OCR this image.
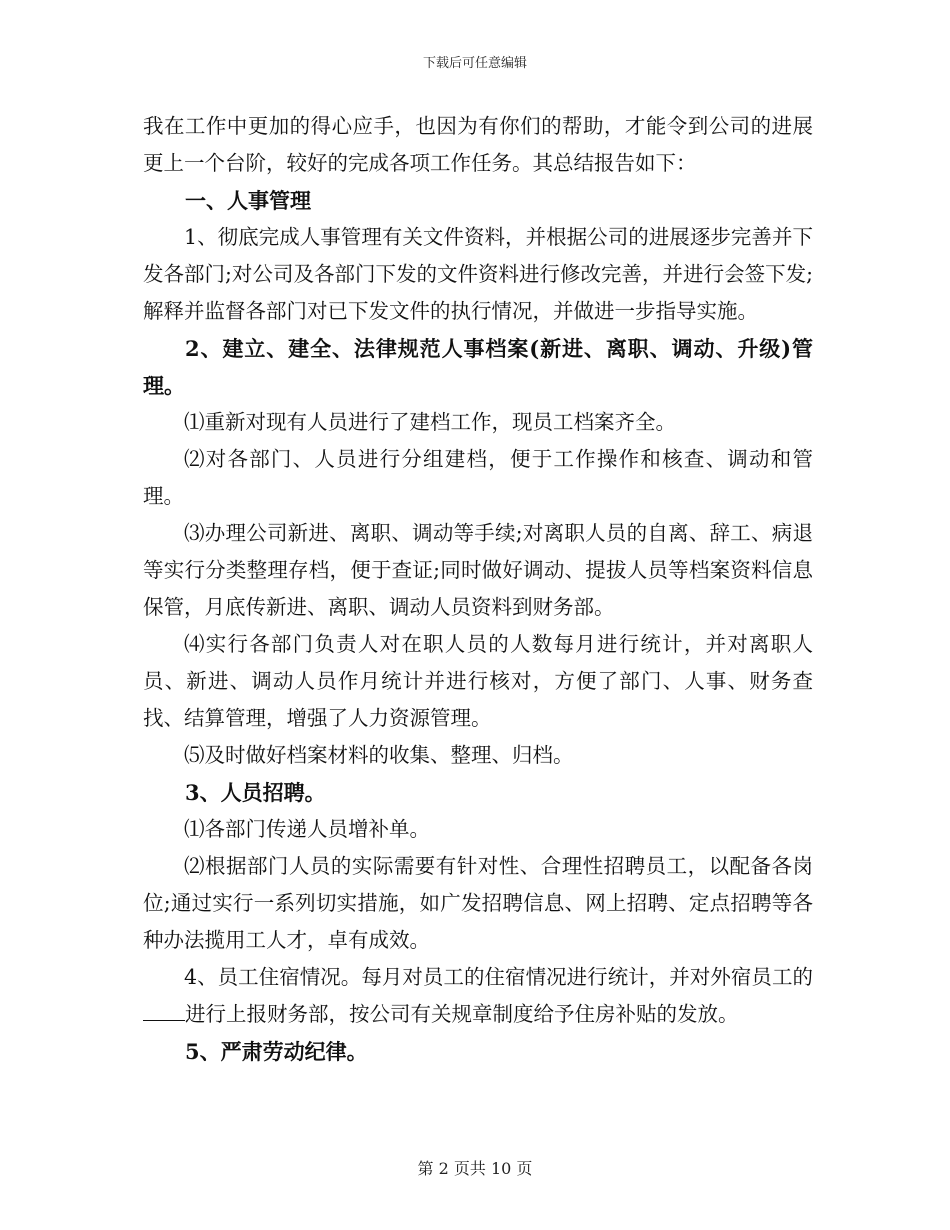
下载后可任意编辑

我在工作中更加的得心应手，也因为有你们的帮助，才能令到公司的进展更上一个台阶，较好的完成各项工作任务。其总结报告如下：

一、人事管理

1、彻底完成人事管理有关文件资料，并根据公司的进展逐步完善并下发各部门;对公司及各部门下发的文件资料进行修改完善，并进行会签下发;解释并监督各部门对已下发文件的执行情况，并做进一步指导实施。

2、建立、建全、法律规范人事档案(新进、离职、调动、升级)管理。

⑴重新对现有人员进行了建档工作，现员工档案齐全。

⑵对各部门、人员进行分组建档，便于工作操作和核查、调动和管理。

⑶办理公司新进、离职、调动等手续;对离职人员的自离、辞工、病退等实行分类整理存档，便于查证;同时做好调动、提拔人员等档案资料信息保管，月底传新进、离职、调动人员资料到财务部。

⑷实行各部门负责人对在职人员的人数每月进行统计，并对离职人员、新进、调动人员作月统计并进行核对，方便了部门、人事、财务查找、结算管理，增强了人力资源管理。

⑸及时做好档案材料的收集、整理、归档。

3、人员招聘。

⑴各部门传递人员增补单。

⑵根据部门人员的实际需要有针对性、合理性招聘员工，以配备各岗位;通过实行一系列切实措施，如广发招聘信息、网上招聘、定点招聘等各种办法揽用工人才，卓有成效。

4、员工住宿情况。每月对员工的住宿情况进行统计，并对外宿员工的进行上报财务部，按公司有关规章制度给予住房补贴的发放。

5、严肃劳动纪律。

第 2 页共 10 页
